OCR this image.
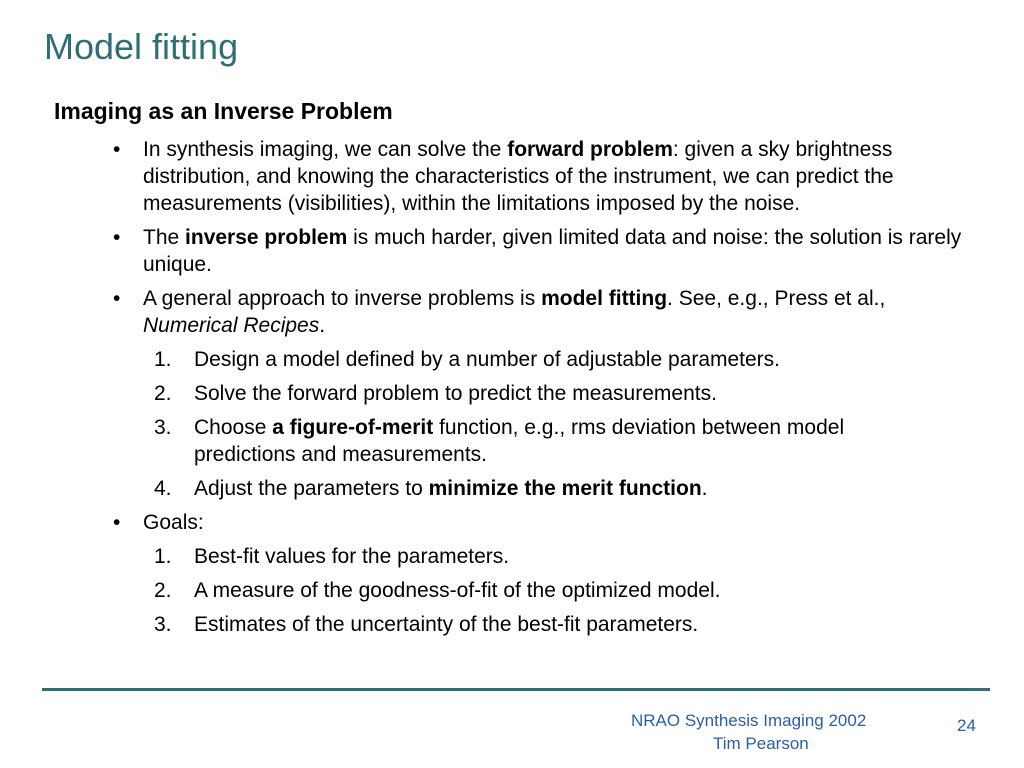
Model fitting
Imaging as an Inverse Problem
• In synthesis imaging, we can solve the forward problem: given a sky brightness distribution, and knowing the characteristics of the instrument, we can predict the measurements (visibilities), within the limitations imposed by the noise.
• The inverse problem is much harder, given limited data and noise: the solution is rarely unique.
• A general approach to inverse problems is model fitting. See, e.g., Press et al., Numerical Recipes.
1. Design a model defined by a number of adjustable parameters.
2. Solve the forward problem to predict the measurements.
3. Choose a figure-of-merit function, e.g., rms deviation between model predictions and measurements.
4. Adjust the parameters to minimize the merit function.
• Goals:
1. Best-fit values for the parameters.
2. A measure of the goodness-of-fit of the optimized model.
3. Estimates of the uncertainty of the best-fit parameters.
NRAO Synthesis Imaging 2002
Tim Pearson
24
